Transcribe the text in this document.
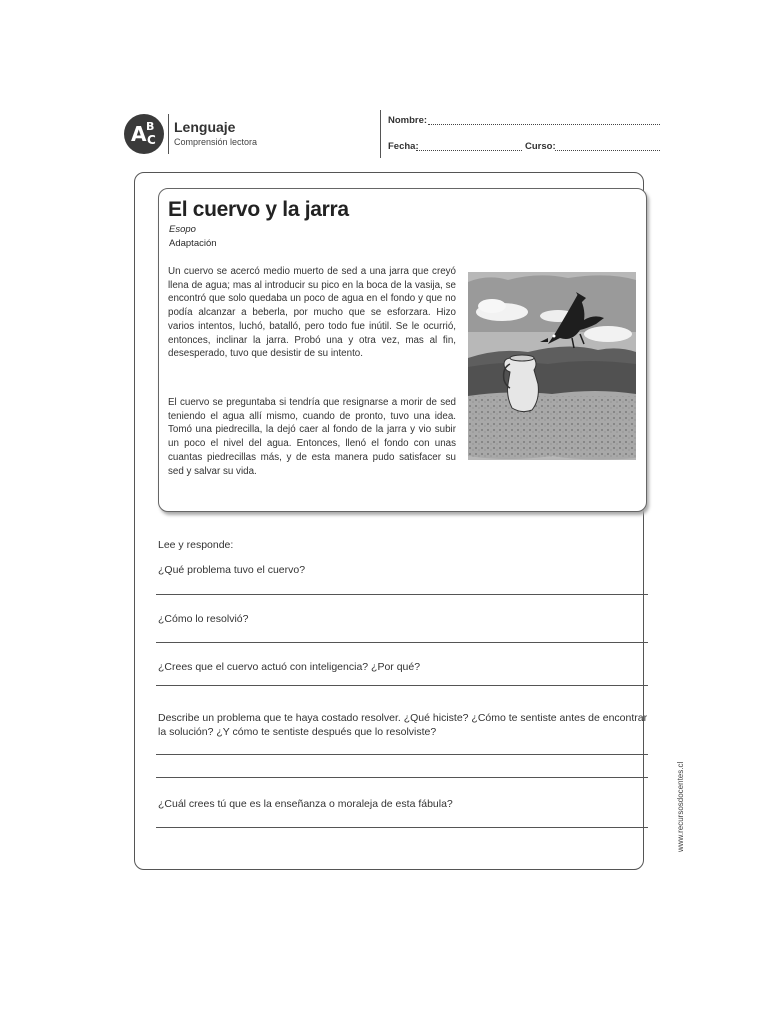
A B
C
Lenguaje
Comprensión lectora
Nombre:
Fecha:	Curso:
El cuervo y la jarra
Esopo
Adaptación
Un cuervo se acercó medio muerto de sed a una jarra que creyó llena de agua; mas al introducir su pico en la boca de la vasija, se encontró que solo quedaba un poco de agua en el fondo y que no podía alcanzar a beberla, por mucho que se esforzara. Hizo varios intentos, luchó, batalló, pero todo fue inútil. Se le ocurrió, entonces, inclinar la jarra. Probó una y otra vez, mas al fin, desesperado, tuvo que desistir de su intento.
El cuervo se preguntaba si tendría que resignarse a morir de sed teniendo el agua allí mismo, cuando de pronto, tuvo una idea. Tomó una piedrecilla, la dejó caer al fondo de la jarra y vio subir un poco el nivel del agua. Entonces, llenó el fondo con unas cuantas piedrecillas más, y de esta manera pudo satisfacer su sed y salvar su vida.
Lee y responde:
¿Qué problema tuvo el cuervo?
¿Cómo lo resolvió?
¿Crees que el cuervo actuó con inteligencia? ¿Por qué?
Describe un problema que te haya costado resolver. ¿Qué hiciste? ¿Cómo te sentiste antes de encontrar la solución? ¿Y cómo te sentiste después que lo resolviste?
¿Cuál crees tú que es la enseñanza o moraleja de esta fábula?	www.recursosdocentes.cl
